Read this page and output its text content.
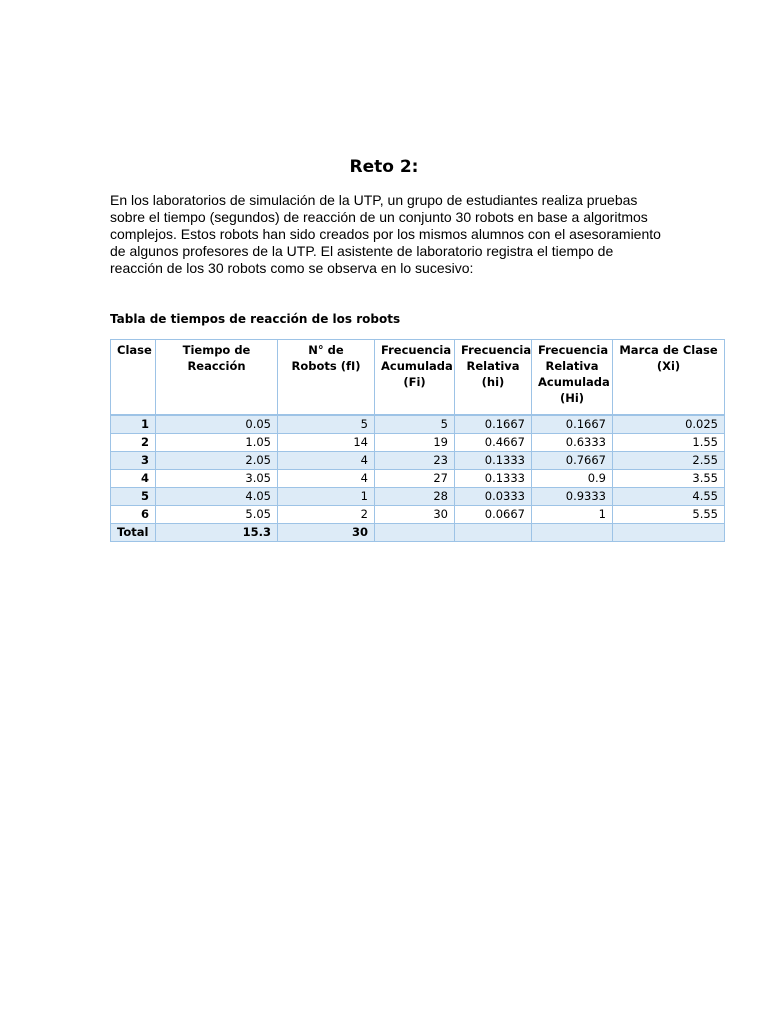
Reto 2:

En los laboratorios de simulación de la UTP, un grupo de estudiantes realiza pruebas sobre el tiempo (segundos) de reacción de un conjunto 30 robots en base a algoritmos complejos. Estos robots han sido creados por los mismos alumnos con el asesoramiento de algunos profesores de la UTP. El asistente de laboratorio registra el tiempo de reacción de los 30 robots como se observa en lo sucesivo:

Tabla de tiempos de reacción de los robots
Clase	Tiempo de Reacción	N° de Robots (fI)	Frecuencia Acumulada (Fi)	Frecuencia Relativa (hi)	Frecuencia Relativa Acumulada (Hi)	Marca de Clase (Xi)
1	0.05	5	5	0.1667	0.1667	0.025
2	1.05	14	19	0.4667	0.6333	1.55
3	2.05	4	23	0.1333	0.7667	2.55
4	3.05	4	27	0.1333	0.9	3.55
5	4.05	1	28	0.0333	0.9333	4.55
6	5.05	2	30	0.0667	1	5.55
Total	15.3	30				
